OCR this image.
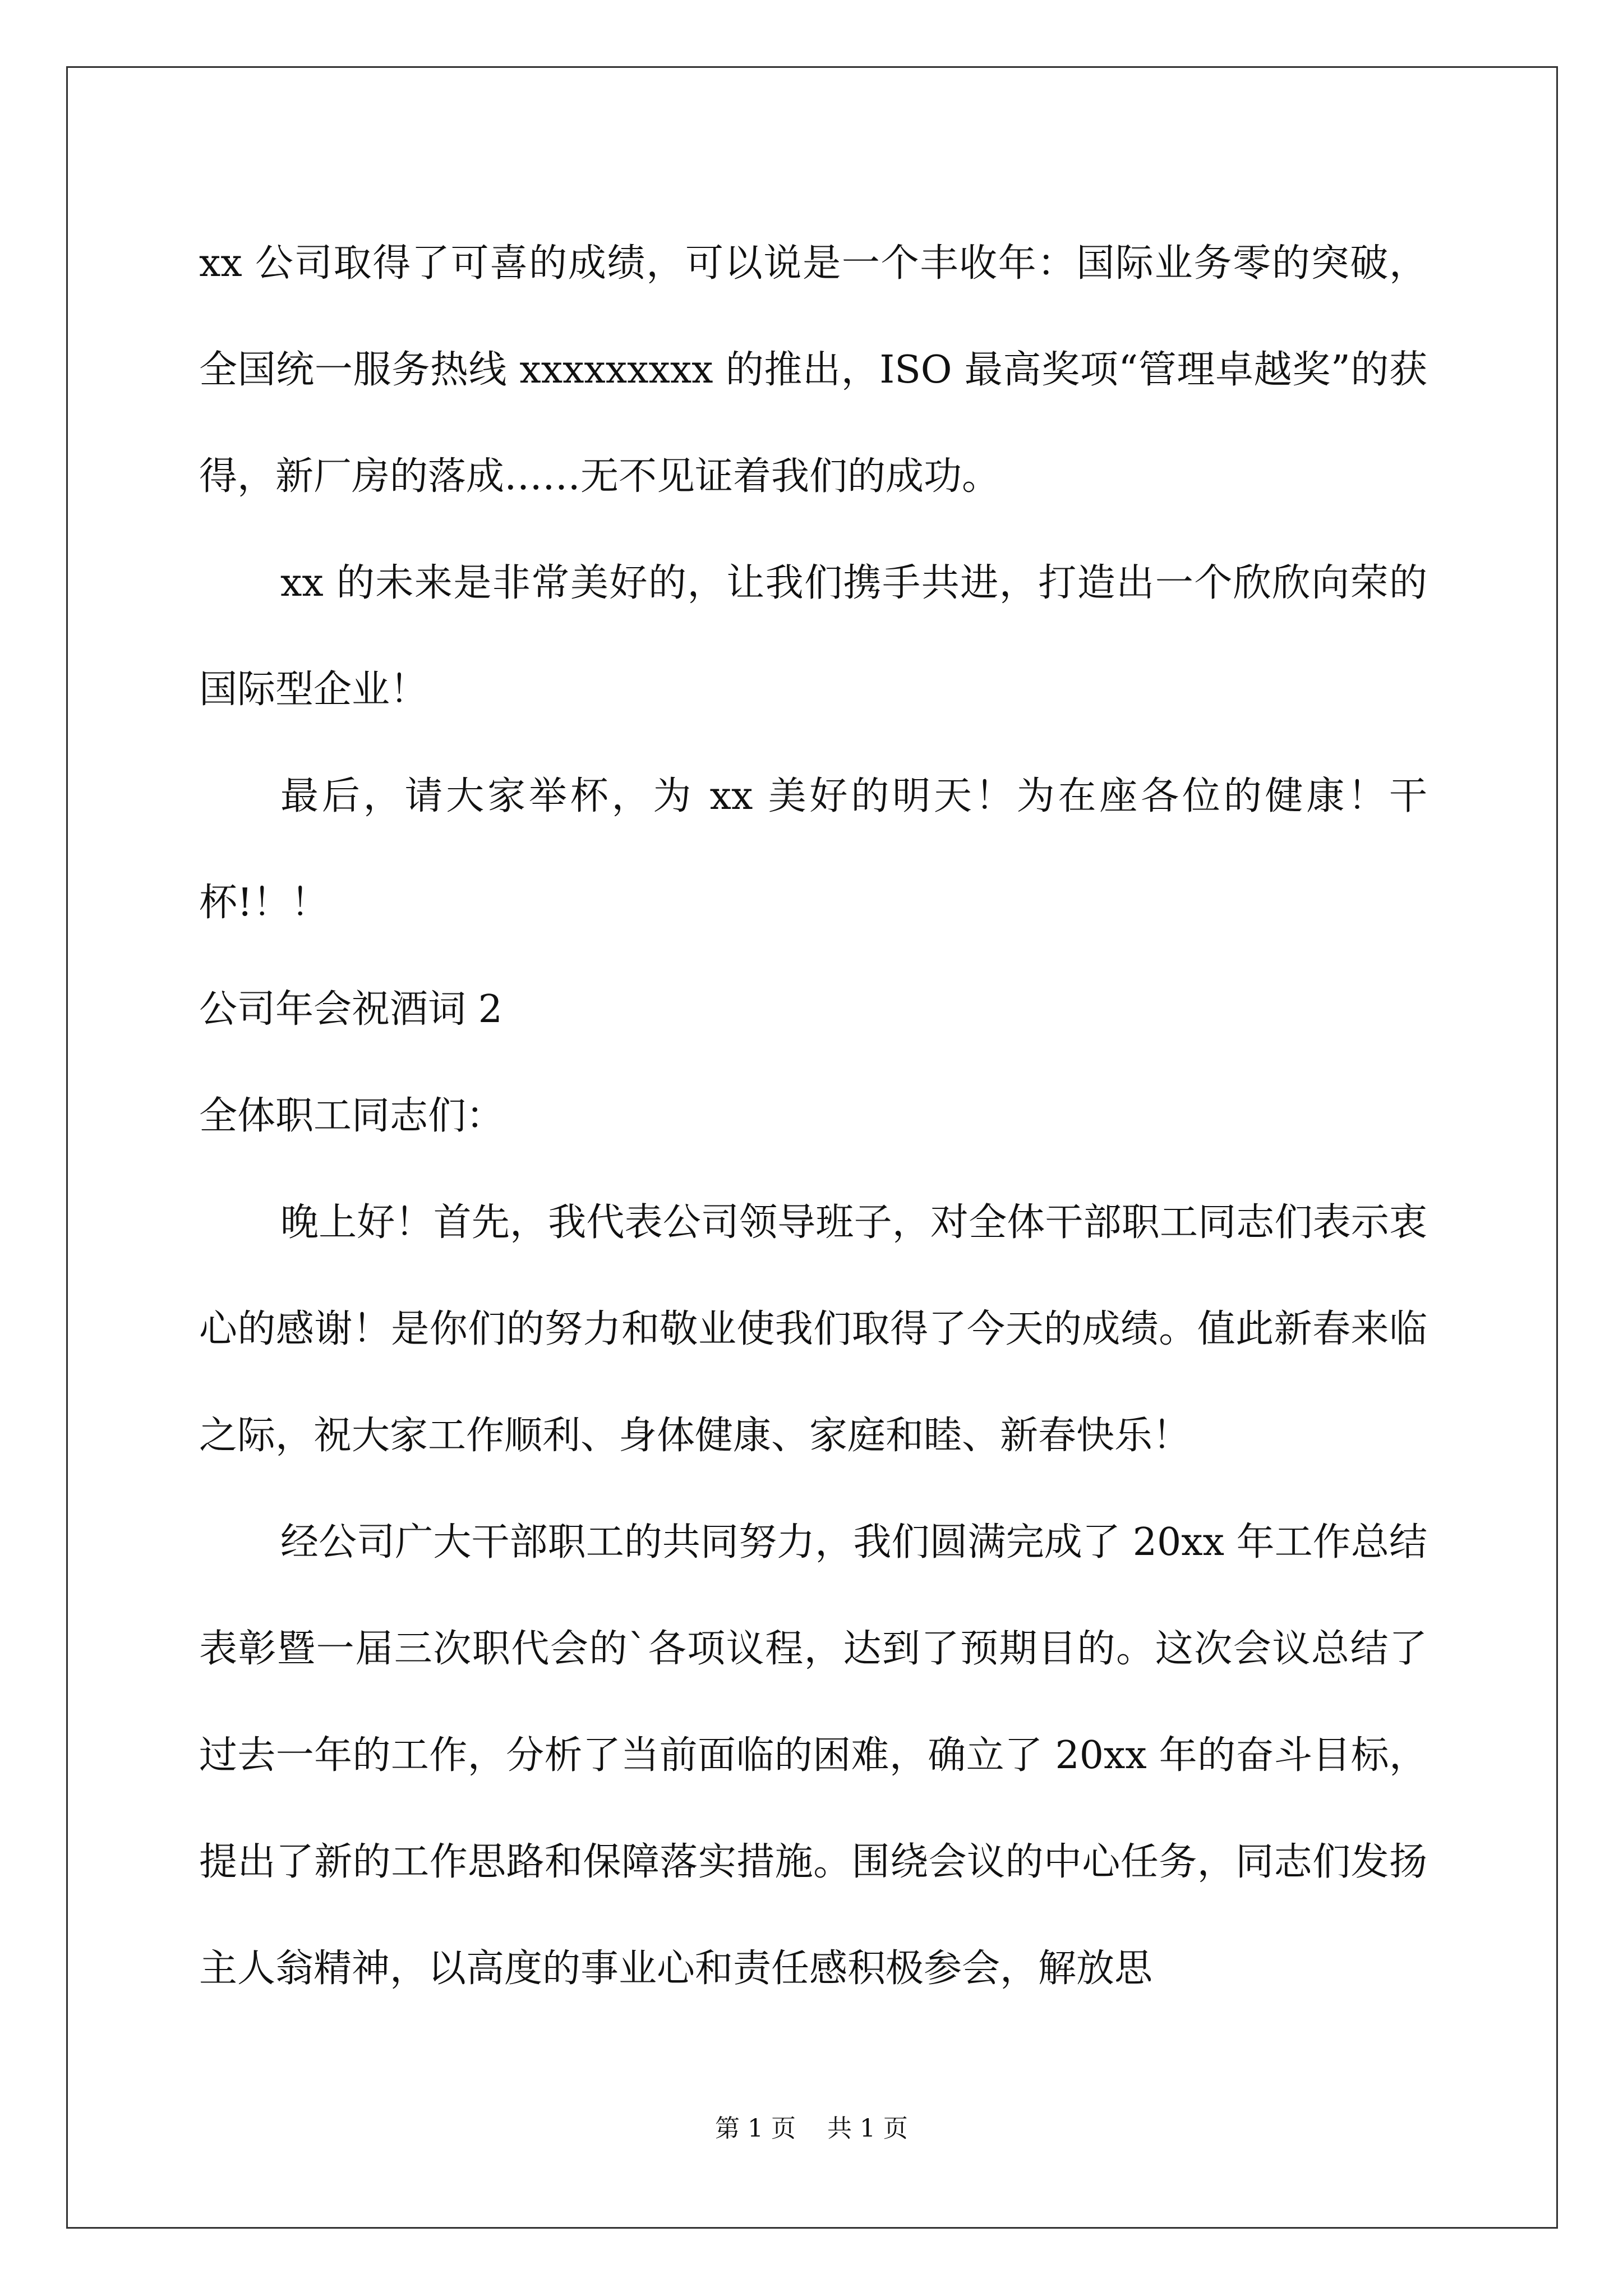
xx 公司取得了可喜的成绩，可以说是一个丰收年：国际业务零的突破，全国统一服务热线 xxxxxxxxx 的推出，ISO 最高奖项“管理卓越奖”的获得，新厂房的落成……无不见证着我们的成功。

xx 的未来是非常美好的，让我们携手共进，打造出一个欣欣向荣的国际型企业！

最后，请大家举杯，为 xx 美好的明天！为在座各位的健康！干杯!！！

公司年会祝酒词 2

全体职工同志们：

晚上好！首先，我代表公司领导班子，对全体干部职工同志们表示衷心的感谢！是你们的努力和敬业使我们取得了今天的成绩。值此新春来临之际，祝大家工作顺利、身体健康、家庭和睦、新春快乐！

经公司广大干部职工的共同努力，我们圆满完成了 20xx 年工作总结表彰暨一届三次职代会的`各项议程，达到了预期目的。这次会议总结了过去一年的工作，分析了当前面临的困难，确立了 20xx 年的奋斗目标，提出了新的工作思路和保障落实措施。围绕会议的中心任务，同志们发扬主人翁精神，以高度的事业心和责任感积极参会，解放思

第 1 页    共 1 页
